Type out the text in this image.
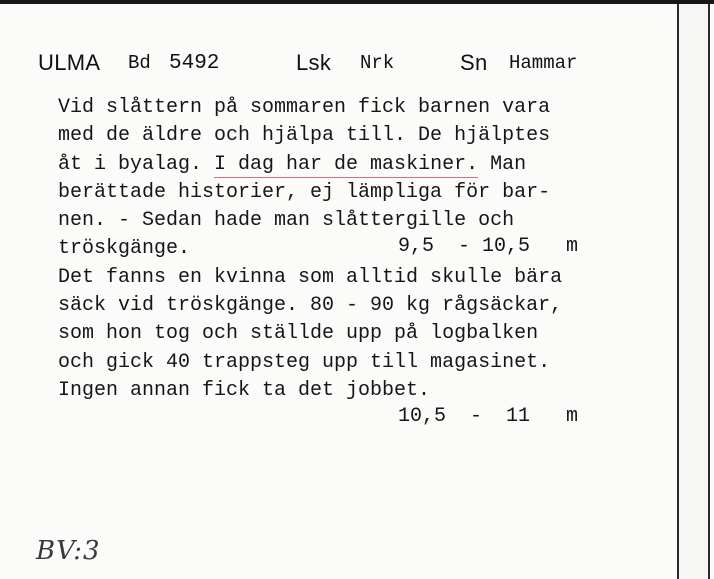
ULMA Bd 5492	Lsk Nrk	Sn Hammar
Vid slåttern på sommaren fick barnen vara
med de äldre och hjälpa till. De hjälptes
åt i byalag. I dag har de maskiner. Man
berättade historier, ej lämpliga för bar-
nen. - Sedan hade man slåttergille och
tröskgänge.
Det fanns en kvinna som alltid skulle bära
säck vid tröskgänge. 80 - 90 kg rågsäckar,
som hon tog och ställde upp på logbalken
och gick 40 trappsteg upp till magasinet.
Ingen annan fick ta det jobbet.
9,5  - 10,5   m
10,5  -  11   m
BV:3
